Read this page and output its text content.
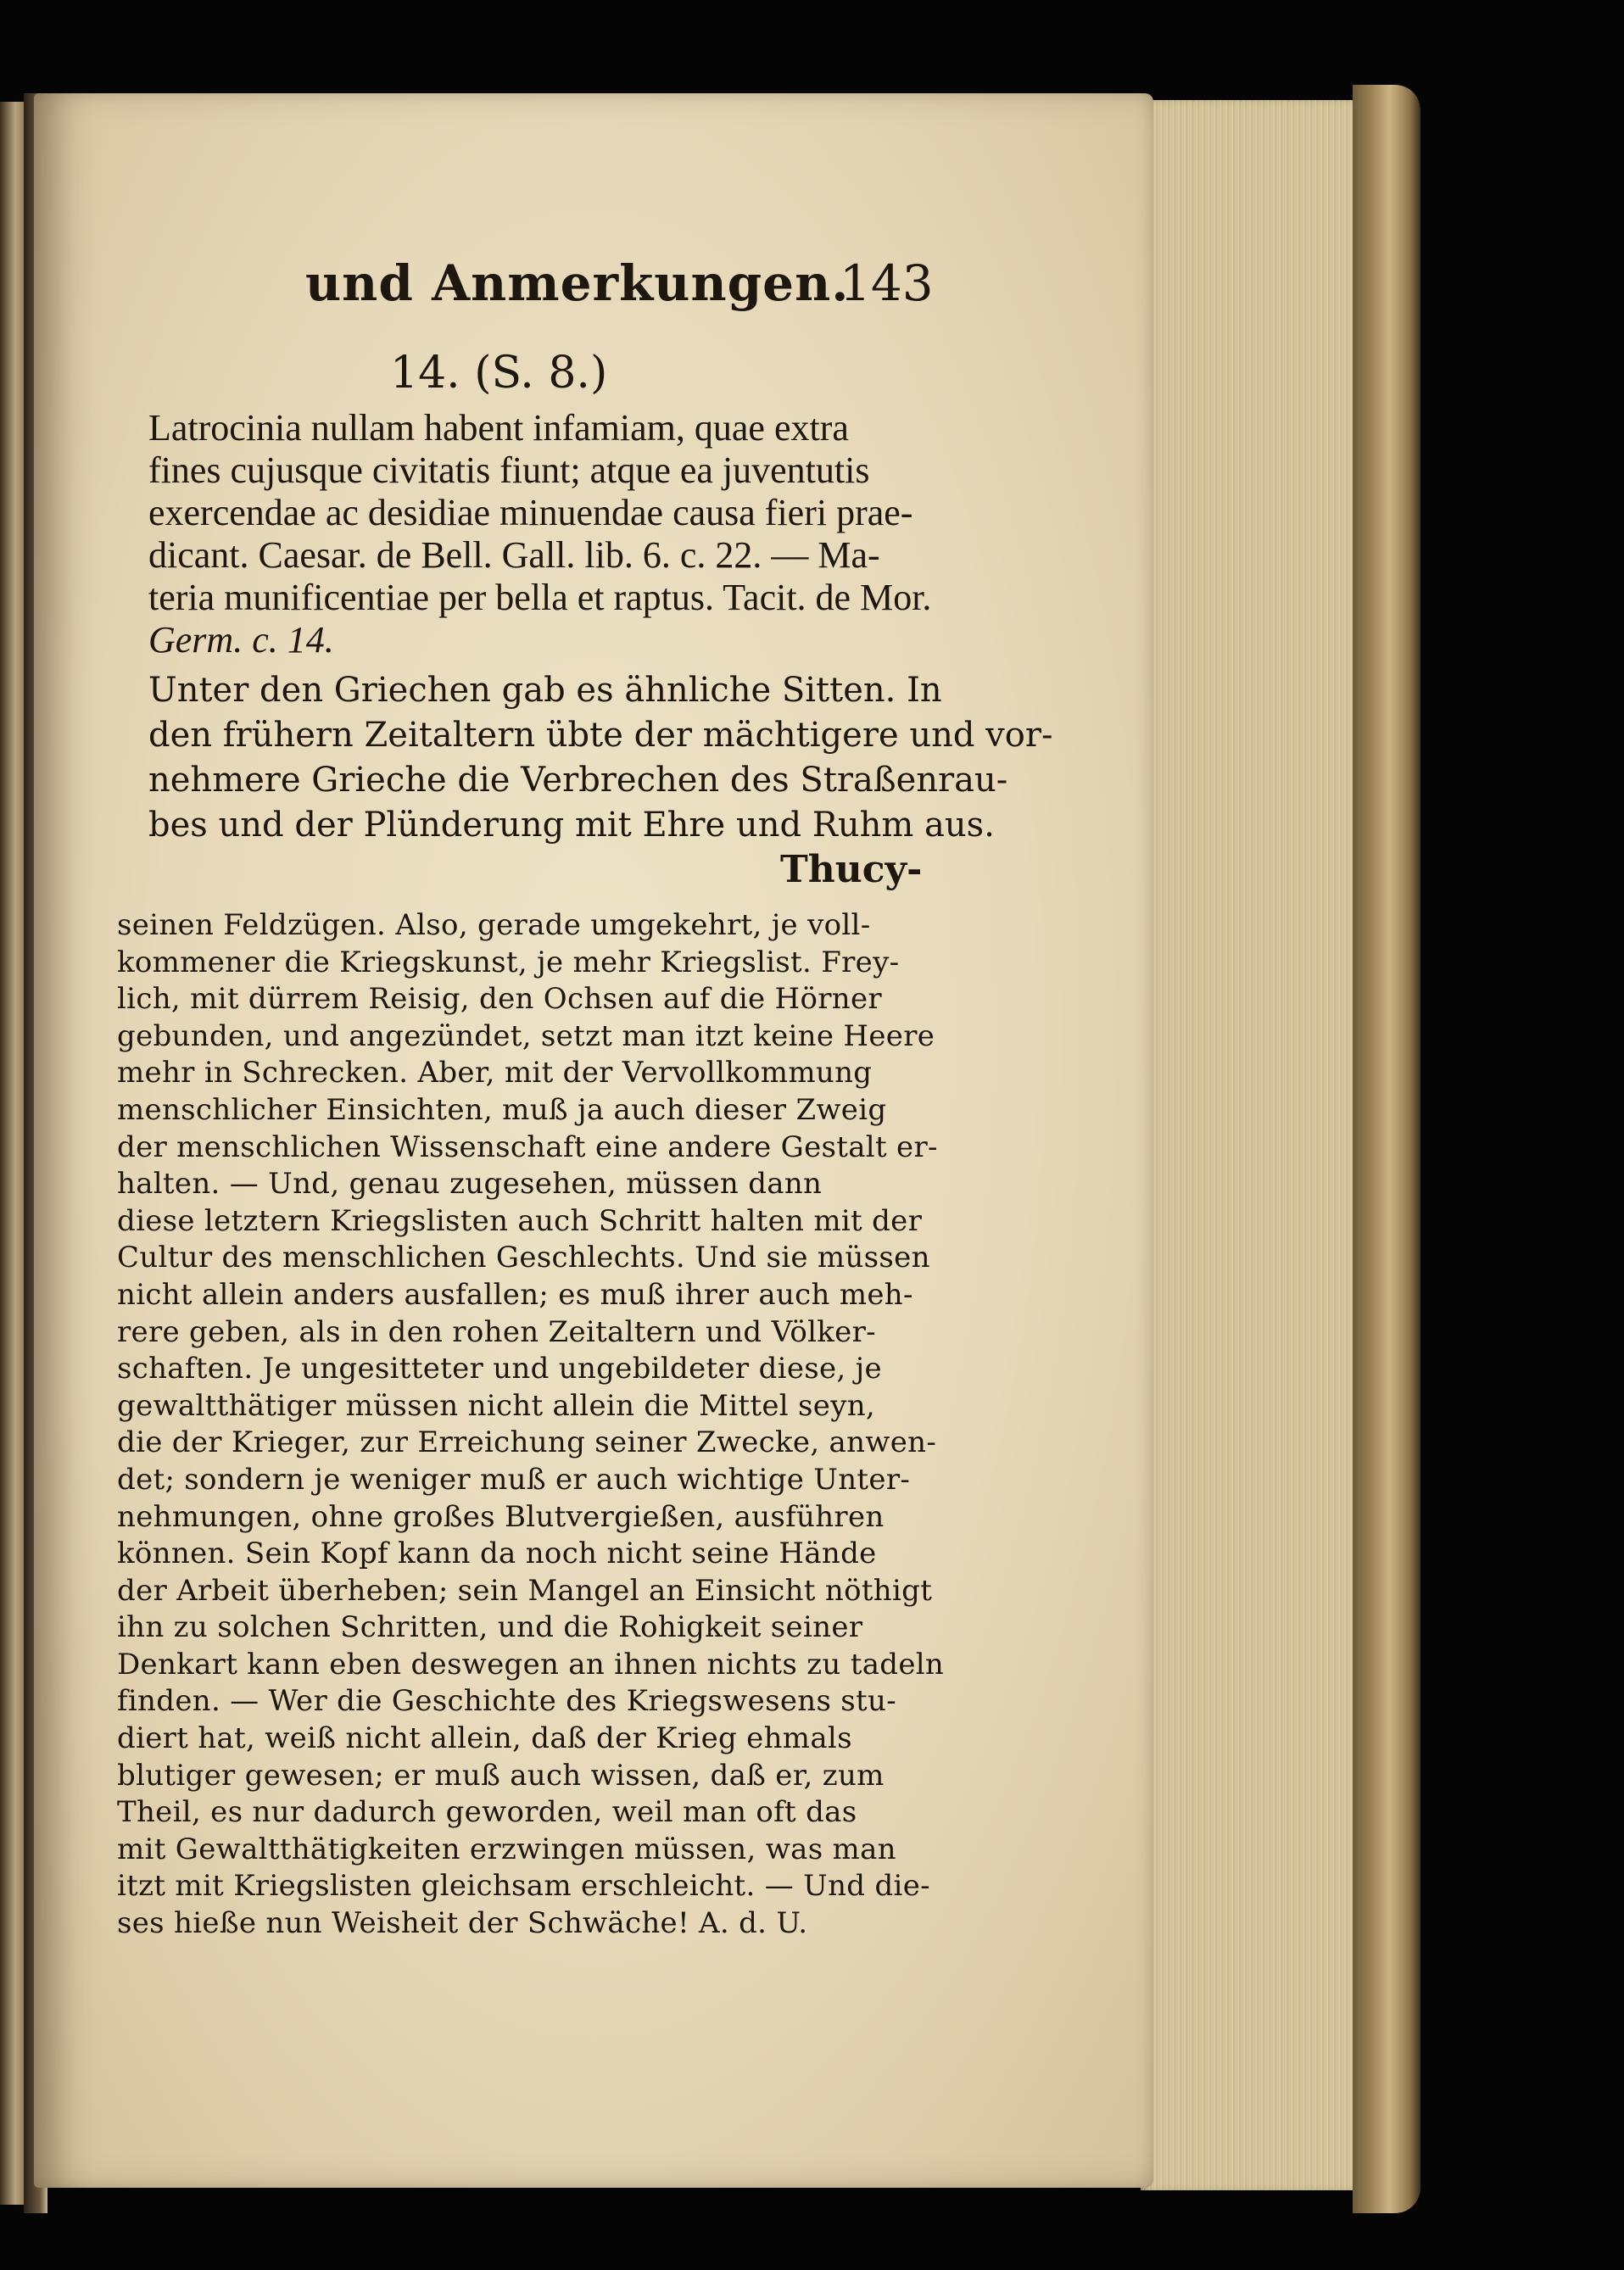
und Anmerkungen.
143
14. (S. 8.)
Latrocinia nullam habent infamiam, quae extra
fines cujusque civitatis fiunt; atque ea juventutis
exercendae ac desidiae minuendae causa fieri prae-
dicant. Caesar. de Bell. Gall. lib. 6. c. 22. — Ma-
teria munificentiae per bella et raptus. Tacit. de Mor.
Germ. c. 14.
Unter den Griechen gab es ähnliche Sitten. In
den frühern Zeitaltern übte der mächtigere und vor-
nehmere Grieche die Verbrechen des Straßenrau-
bes und der Plünderung mit Ehre und Ruhm aus.
Thucy-
seinen Feldzügen. Also, gerade umgekehrt, je voll-
kommener die Kriegskunst, je mehr Kriegslist. Frey-
lich, mit dürrem Reisig, den Ochsen auf die Hörner
gebunden, und angezündet, setzt man itzt keine Heere
mehr in Schrecken. Aber, mit der Vervollkommung
menschlicher Einsichten, muß ja auch dieser Zweig
der menschlichen Wissenschaft eine andere Gestalt er-
halten. — Und, genau zugesehen, müssen dann
diese letztern Kriegslisten auch Schritt halten mit der
Cultur des menschlichen Geschlechts. Und sie müssen
nicht allein anders ausfallen; es muß ihrer auch meh-
rere geben, als in den rohen Zeitaltern und Völker-
schaften. Je ungesitteter und ungebildeter diese, je
gewaltthätiger müssen nicht allein die Mittel seyn,
die der Krieger, zur Erreichung seiner Zwecke, anwen-
det; sondern je weniger muß er auch wichtige Unter-
nehmungen, ohne großes Blutvergießen, ausführen
können. Sein Kopf kann da noch nicht seine Hände
der Arbeit überheben; sein Mangel an Einsicht nöthigt
ihn zu solchen Schritten, und die Rohigkeit seiner
Denkart kann eben deswegen an ihnen nichts zu tadeln
finden. — Wer die Geschichte des Kriegswesens stu-
diert hat, weiß nicht allein, daß der Krieg ehmals
blutiger gewesen; er muß auch wissen, daß er, zum
Theil, es nur dadurch geworden, weil man oft das
mit Gewaltthätigkeiten erzwingen müssen, was man
itzt mit Kriegslisten gleichsam erschleicht. — Und die-
ses hieße nun Weisheit der Schwäche! A. d. U.
